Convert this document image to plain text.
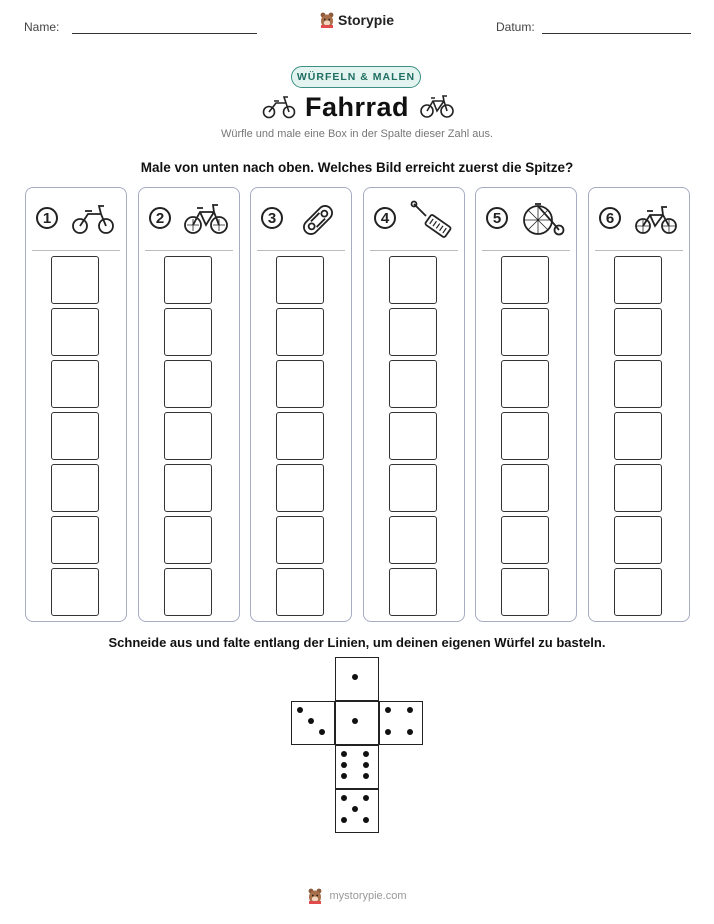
Name:	Storypie	Datum:
WÜRFELN & MALEN
Fahrrad
Würfle und male eine Box in der Spalte dieser Zahl aus.
Male von unten nach oben. Welches Bild erreicht zuerst die Spitze?
1	2	3	4	5	6
Schneide aus und falte entlang der Linien, um deinen eigenen Würfel zu basteln.
mystorypie.com
